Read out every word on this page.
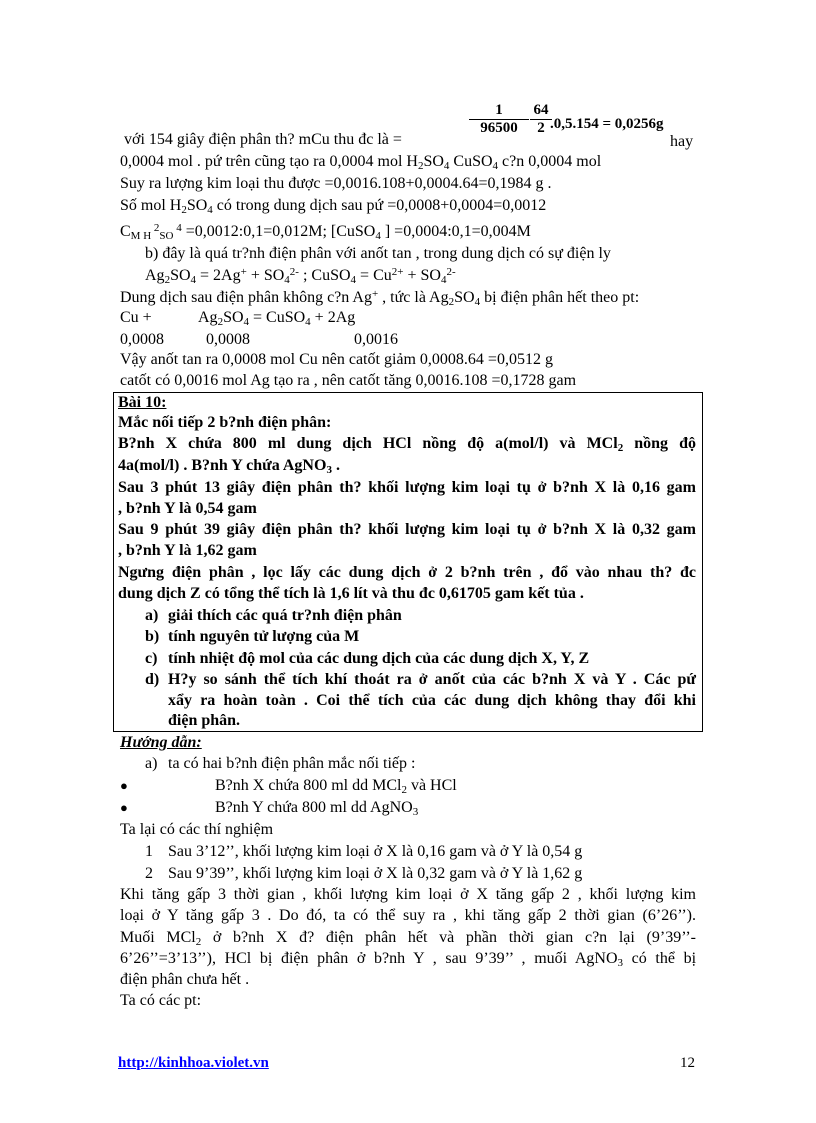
$\frac{1}{96500} \frac{64}{2}$
.0,5.154 = 0,0256g
với 154 giây điện phân th? mCu thu đc là =	hay
0,0004 mol . pứ trên cũng tạo ra 0,0004 mol $H_2SO_4$ CuSO$_4$ c?n 0,0004 mol
Suy ra lượng kim loại thu được =0,0016.108+0,0004.64=0,1984 g .
Số mol $H_2SO_4$ có trong dung dịch sau pứ =0,0008+0,0004=0,0012
$C_{M H}$ $^2_{SO}$ $^4$ =0,0012:0,1=0,012M; [CuSO$_4$ ] =0,0004:0,1=0,004M
b) đây là quá tr?nh điện phân với anốt tan , trong dung dịch có sự điện ly
$Ag_2SO_4 = 2Ag^+ + SO_4^{2-}$ ; CuSO$_4$ = $Cu^{2+} + SO_4^{2-}$
Dung dịch sau điện phân không c?n Ag+ , tức là $Ag_2SO_4$ bị điện phân hết theo pt:
Cu +	$Ag_2SO_4$ = CuSO$_4$ + 2Ag
0,0008	0,0008	0,0016
Vậy anốt tan ra 0,0008 mol Cu nên catốt giảm 0,0008.64 =0,0512 g
catốt có 0,0016 mol Ag tạo ra , nên catốt tăng 0,0016.108 =0,1728 gam
Bài 10:
Mắc nối tiếp 2 b?nh điện phân:
B?nh X chứa 800 ml dung dịch HCl nồng độ a(mol/l) và MCl$_2$ nồng độ
4a(mol/l) . B?nh Y chứa AgNO$_3$ .
Sau 3 phút 13 giây điện phân th? khối lượng kim loại tụ ở b?nh X là 0,16 gam
, b?nh Y là 0,54 gam
Sau 9 phút 39 giây điện phân th? khối lượng kim loại tụ ở b?nh X là 0,32 gam
, b?nh Y là 1,62 gam
Ngưng điện phân , lọc lấy các dung dịch ở 2 b?nh trên , đổ vào nhau th? đc
dung dịch Z có tổng thể tích là 1,6 lít và thu đc 0,61705 gam kết tủa .
a) giải thích các quá tr?nh điện phân
b) tính nguyên tử lượng của M
c) tính nhiệt độ mol của các dung dịch của các dung dịch X, Y, Z
d) H?y so sánh thể tích khí thoát ra ở anốt của các b?nh X và Y . Các pứ
xẩy ra hoàn toàn . Coi thể tích của các dung dịch không thay đổi khi
điện phân.
Hướng dẫn:
a) ta có hai b?nh điện phân mắc nối tiếp :
●	B?nh X chứa 800 ml dd MCl$_2$ và HCl
●	B?nh Y chứa 800 ml dd AgNO$_3$
Ta lại có các thí nghiệm
1 Sau 3’12’’, khối lượng kim loại ở X là 0,16 gam và ở Y là 0,54 g
2 Sau 9’39’’, khối lượng kim loại ở X là 0,32 gam và ở Y là 1,62 g
Khi tăng gấp 3 thời gian , khối lượng kim loại ở X tăng gấp 2 , khối lượng kim
loại ở Y tăng gấp 3 . Do đó, ta có thể suy ra , khi tăng gấp 2 thời gian (6’26’’).
Muối MCl$_2$ ở b?nh X đ? điện phân hết và phần thời gian c?n lại (9’39’’-
6’26’’=3’13’’), HCl bị điện phân ở b?nh Y , sau 9’39’’ , muối AgNO$_3$ có thể bị
điện phân chưa hết .
Ta có các pt:
http://kinhhoa.violet.vn	12
